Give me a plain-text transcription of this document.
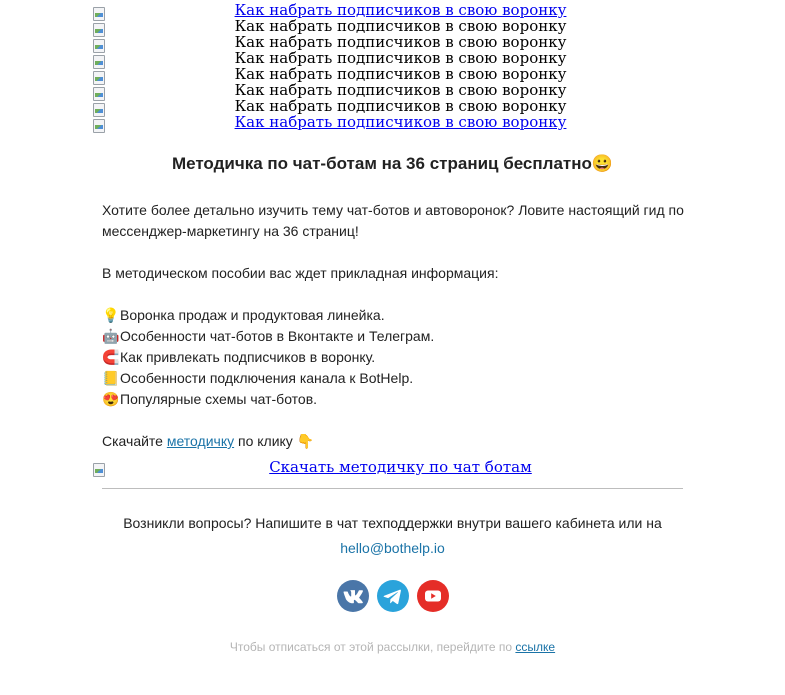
Как набрать подписчиков в свою воронку
Как набрать подписчиков в свою воронку
Как набрать подписчиков в свою воронку
Как набрать подписчиков в свою воронку
Как набрать подписчиков в свою воронку
Как набрать подписчиков в свою воронку
Как набрать подписчиков в свою воронку
Как набрать подписчиков в свою воронку
Методичка по чат-ботам на 36 страниц бесплатно😀

Хотите более детально изучить тему чат-ботов и автоворонок? Ловите настоящий гид по мессенджер-маркетингу на 36 страниц!

В методическом пособии вас ждет прикладная информация:

💡Воронка продаж и продуктовая линейка.

🤖Особенности чат-ботов в Вконтакте и Телеграм.

🧲Как привлекать подписчиков в воронку.

📒Особенности подключения канала к BotHelp.

😍Популярные схемы чат-ботов.

Скачайте методичку по клику 👇

Скачать методичку по чат ботам
Возникли вопросы? Напишите в чат техподдержки внутри вашего кабинета или на
hello@bothelp.io

Чтобы отписаться от этой рассылки, перейдите по ссылке
